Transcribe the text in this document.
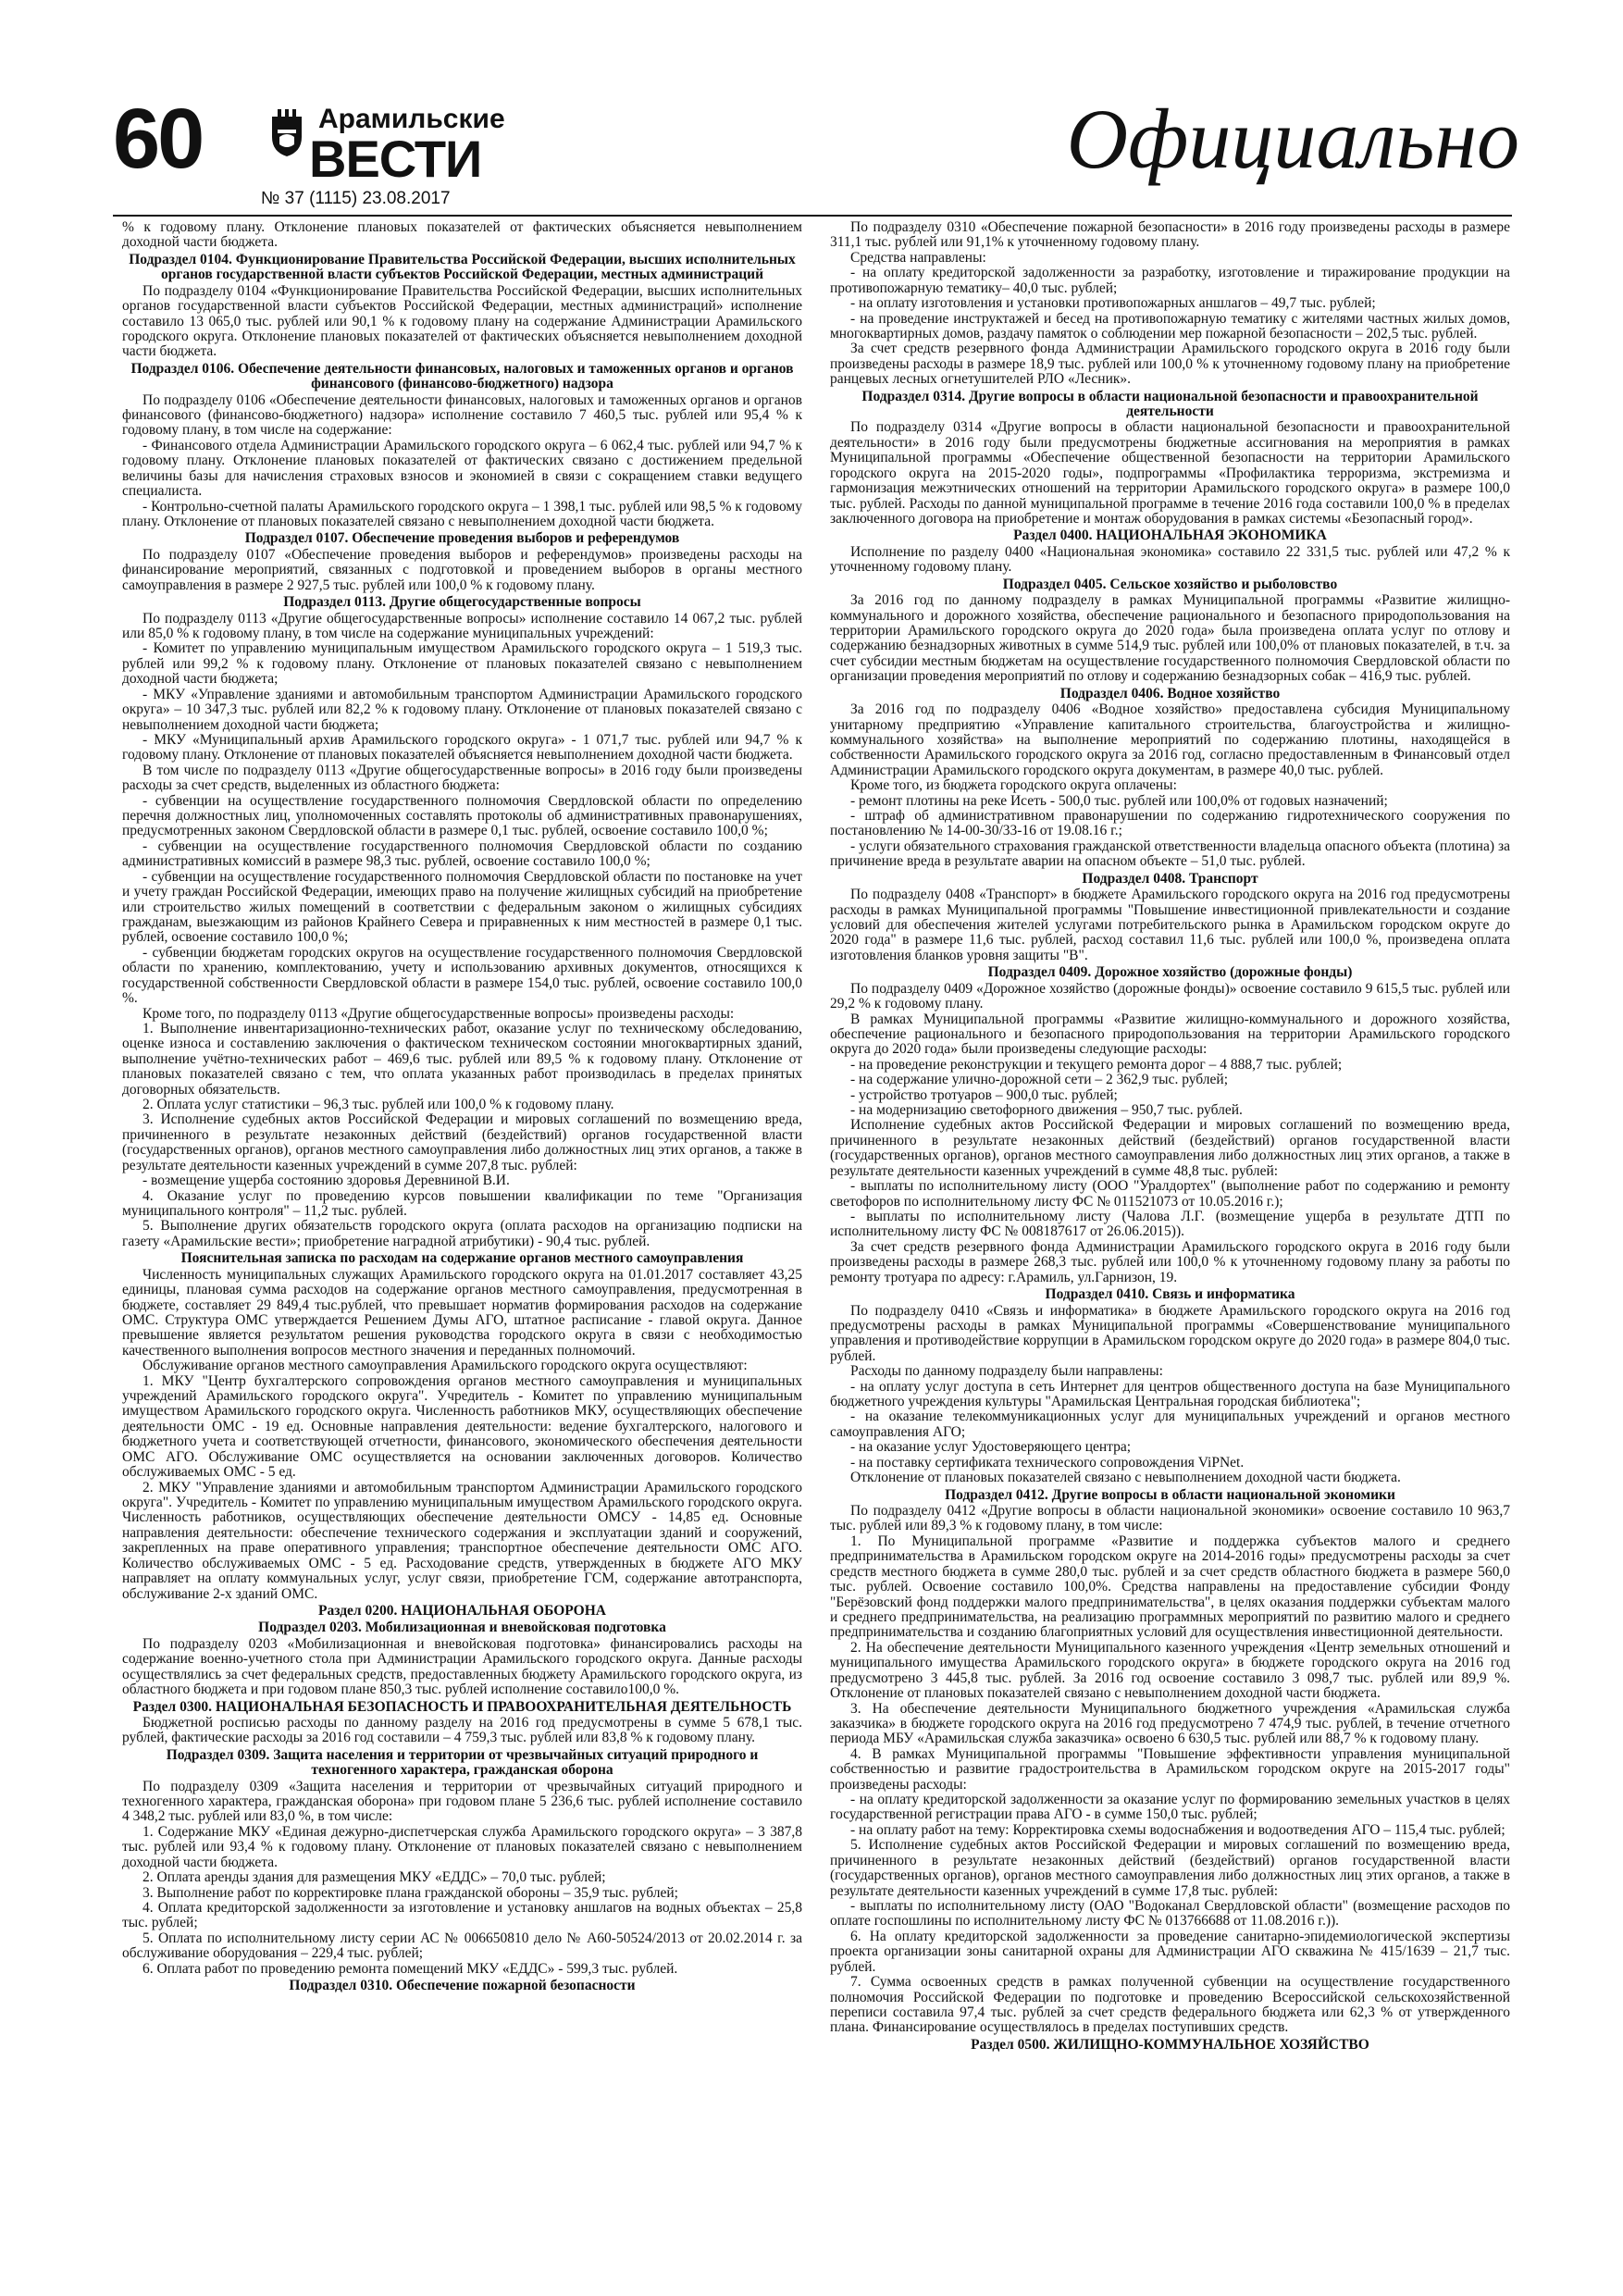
60	Арамильские
ВЕСТИ
№ 37 (1115) 23.08.2017
Официально

% к годовому плану. Отклонение плановых показателей от фактических объясняется невыполнением доходной части бюджета.

Подраздел 0104. Функционирование Правительства Российской Федерации, высших исполнительных органов государственной власти субъектов Российской Федерации, местных администраций

По подразделу 0104 «Функционирование Правительства Российской Федерации, высших исполнительных органов государственной власти субъектов Российской Федерации, местных администраций» исполнение составило 13 065,0 тыс. рублей или 90,1 % к годовому плану на содержание Администрации Арамильского городского округа. Отклонение плановых показателей от фактических объясняется невыполнением доходной части бюджета.

Подраздел 0106. Обеспечение деятельности финансовых, налоговых и таможенных органов и органов финансового (финансово-бюджетного) надзора

По подразделу 0106 «Обеспечение деятельности финансовых, налоговых и таможенных органов и органов финансового (финансово-бюджетного) надзора» исполнение составило 7 460,5 тыс. рублей или 95,4 % к годовому плану, в том числе на содержание:

- Финансового отдела Администрации Арамильского городского округа – 6 062,4 тыс. рублей или 94,7 % к годовому плану. Отклонение плановых показателей от фактических связано с достижением предельной величины базы для начисления страховых взносов и экономией в связи с сокращением ставки ведущего специалиста.

- Контрольно-счетной палаты Арамильского городского округа – 1 398,1 тыс. рублей или 98,5 % к годовому плану. Отклонение от плановых показателей связано с невыполнением доходной части бюджета.

Подраздел 0107. Обеспечение проведения выборов и референдумов

По подразделу 0107 «Обеспечение проведения выборов и референдумов» произведены расходы на финансирование мероприятий, связанных с подготовкой и проведением выборов в органы местного самоуправления в размере 2 927,5 тыс. рублей или 100,0 % к годовому плану.

Подраздел 0113. Другие общегосударственные вопросы

По подразделу 0113 «Другие общегосударственные вопросы» исполнение составило 14 067,2 тыс. рублей или 85,0 % к годовому плану, в том числе на содержание муниципальных учреждений:

- Комитет по управлению муниципальным имуществом Арамильского городского округа – 1 519,3 тыс. рублей или 99,2 % к годовому плану. Отклонение от плановых показателей связано с невыполнением доходной части бюджета;

- МКУ «Управление зданиями и автомобильным транспортом Администрации Арамильского городского округа» – 10 347,3 тыс. рублей или 82,2 % к годовому плану. Отклонение от плановых показателей связано с невыполнением доходной части бюджета;

- МКУ «Муниципальный архив Арамильского городского округа» - 1 071,7 тыс. рублей или 94,7 % к годовому плану. Отклонение от плановых показателей объясняется невыполнением доходной части бюджета.

В том числе по подразделу 0113 «Другие общегосударственные вопросы» в 2016 году были произведены расходы за счет средств, выделенных из областного бюджета:

- субвенции на осуществление государственного полномочия Свердловской области по определению перечня должностных лиц, уполномоченных составлять протоколы об административных правонарушениях, предусмотренных законом Свердловской области в размере 0,1 тыс. рублей, освоение составило 100,0 %;

- субвенции на осуществление государственного полномочия Свердловской области по созданию административных комиссий в размере 98,3 тыс. рублей, освоение составило 100,0 %;

- субвенции на осуществление государственного полномочия Свердловской области по постановке на учет и учету граждан Российской Федерации, имеющих право на получение жилищных субсидий на приобретение или строительство жилых помещений в соответствии с федеральным законом о жилищных субсидиях гражданам, выезжающим из районов Крайнего Севера и приравненных к ним местностей в размере 0,1 тыс. рублей, освоение составило 100,0 %;

- субвенции бюджетам городских округов на осуществление государственного полномочия Свердловской области по хранению, комплектованию, учету и использованию архивных документов, относящихся к государственной собственности Свердловской области в размере 154,0 тыс. рублей, освоение составило 100,0 %.

Кроме того, по подразделу 0113 «Другие общегосударственные вопросы» произведены расходы:

1. Выполнение инвентаризационно-технических работ, оказание услуг по техническому обследованию, оценке износа и составлению заключения о фактическом техническом состоянии многоквартирных зданий, выполнение учётно-технических работ – 469,6 тыс. рублей или 89,5 % к годовому плану. Отклонение от плановых показателей связано с тем, что оплата указанных работ производилась в пределах принятых договорных обязательств.

2. Оплата услуг статистики – 96,3 тыс. рублей или 100,0 % к годовому плану.

3. Исполнение судебных актов Российской Федерации и мировых соглашений по возмещению вреда, причиненного в результате незаконных действий (бездействий) органов государственной власти (государственных органов), органов местного самоуправления либо должностных лиц этих органов, а также в результате деятельности казенных учреждений в сумме 207,8 тыс. рублей:

- возмещение ущерба состоянию здоровья Деревниной В.И.

4. Оказание услуг по проведению курсов повышении квалификации по теме "Организация муниципального контроля" – 11,2 тыс. рублей.

5. Выполнение других обязательств городского округа (оплата расходов на организацию подписки на газету «Арамильские вести»; приобретение наградной атрибутики) - 90,4 тыс. рублей.

Пояснительная записка по расходам на содержание органов местного самоуправления

Численность муниципальных служащих Арамильского городского округа на 01.01.2017 составляет 43,25 единицы, плановая сумма расходов на содержание органов местного самоуправления, предусмотренная в бюджете, составляет 29 849,4 тыс.рублей, что превышает норматив формирования расходов на содержание ОМС. Структура ОМС утверждается Решением Думы АГО, штатное расписание - главой округа. Данное превышение является результатом решения руководства городского округа в связи с необходимостью качественного выполнения вопросов местного значения и переданных полномочий.

Обслуживание органов местного самоуправления Арамильского городского округа осуществляют:

1. МКУ "Центр бухгалтерского сопровождения органов местного самоуправления и муниципальных учреждений Арамильского городского округа". Учредитель - Комитет по управлению муниципальным имуществом Арамильского городского округа. Численность работников МКУ, осуществляющих обеспечение деятельности ОМС - 19 ед. Основные направления деятельности: ведение бухгалтерского, налогового и бюджетного учета и соответствующей отчетности, финансового, экономического обеспечения деятельности ОМС АГО. Обслуживание ОМС осуществляется на основании заключенных договоров. Количество обслуживаемых ОМС - 5 ед.

2. МКУ "Управление зданиями и автомобильным транспортом Администрации Арамильского городского округа". Учредитель - Комитет по управлению муниципальным имуществом Арамильского городского округа. Численность работников, осуществляющих обеспечение деятельности ОМСУ - 14,85 ед. Основные направления деятельности: обеспечение технического содержания и эксплуатации зданий и сооружений, закрепленных на праве оперативного управления; транспортное обеспечение деятельности ОМС АГО. Количество обслуживаемых ОМС - 5 ед. Расходование средств, утвержденных в бюджете АГО МКУ направляет на оплату коммунальных услуг, услуг связи, приобретение ГСМ, содержание автотранспорта, обслуживание 2-х зданий ОМС.

Раздел 0200. НАЦИОНАЛЬНАЯ ОБОРОНА
Подраздел 0203. Мобилизационная и вневойсковая подготовка

По подразделу 0203 «Мобилизационная и вневойсковая подготовка» финансировались расходы на содержание военно-учетного стола при Администрации Арамильского городского округа. Данные расходы осуществлялись за счет федеральных средств, предоставленных бюджету Арамильского городского округа, из областного бюджета и при годовом плане 850,3 тыс. рублей исполнение составило100,0 %.

Раздел 0300. НАЦИОНАЛЬНАЯ БЕЗОПАСНОСТЬ И ПРАВООХРАНИТЕЛЬНАЯ ДЕЯТЕЛЬНОСТЬ

Бюджетной росписью расходы по данному разделу на 2016 год предусмотрены в сумме 5 678,1 тыс. рублей, фактические расходы за 2016 год составили – 4 759,3 тыс. рублей или 83,8 % к годовому плану.

Подраздел 0309. Защита населения и территории от чрезвычайных ситуаций природного и техногенного характера, гражданская оборона

По подразделу 0309 «Защита населения и территории от чрезвычайных ситуаций природного и техногенного характера, гражданская оборона» при годовом плане 5 236,6 тыс. рублей исполнение составило 4 348,2 тыс. рублей или 83,0 %, в том числе:

1. Содержание МКУ «Единая дежурно-диспетчерская служба Арамильского городского округа» – 3 387,8 тыс. рублей или 93,4 % к годовому плану. Отклонение от плановых показателей связано с невыполнением доходной части бюджета.

2. Оплата аренды здания для размещения МКУ «ЕДДС» – 70,0 тыс. рублей;

3. Выполнение работ по корректировке плана гражданской обороны – 35,9 тыс. рублей;

4. Оплата кредиторской задолженности за изготовление и установку аншлагов на водных объектах – 25,8 тыс. рублей;

5. Оплата по исполнительному листу серии АС № 006650810 дело № А60-50524/2013 от 20.02.2014 г. за обслуживание оборудования – 229,4 тыс. рублей;

6. Оплата работ по проведению ремонта помещений МКУ «ЕДДС» - 599,3 тыс. рублей.

Подраздел 0310. Обеспечение пожарной безопасности

По подразделу 0310 «Обеспечение пожарной безопасности» в 2016 году произведены расходы в размере 311,1 тыс. рублей или 91,1% к уточненному годовому плану.

Средства направлены:

- на оплату кредиторской задолженности за разработку, изготовление и тиражирование продукции на противопожарную тематику– 40,0 тыс. рублей;

- на оплату изготовления и установки противопожарных аншлагов – 49,7 тыс. рублей;

- на проведение инструктажей и бесед на противопожарную тематику с жителями частных жилых домов, многоквартирных домов, раздачу памяток о соблюдении мер пожарной безопасности – 202,5 тыс. рублей.

За счет средств резервного фонда Администрации Арамильского городского округа в 2016 году были произведены расходы в размере 18,9 тыс. рублей или 100,0 % к уточненному годовому плану на приобретение ранцевых лесных огнетушителей РЛО «Лесник».

Подраздел 0314. Другие вопросы в области национальной безопасности и правоохранительной деятельности

По подразделу 0314 «Другие вопросы в области национальной безопасности и правоохранительной деятельности» в 2016 году были предусмотрены бюджетные ассигнования на мероприятия в рамках Муниципальной программы «Обеспечение общественной безопасности на территории Арамильского городского округа на 2015-2020 годы», подпрограммы «Профилактика терроризма, экстремизма и гармонизация межэтнических отношений на территории Арамильского городского округа» в размере 100,0 тыс. рублей. Расходы по данной муниципальной программе в течение 2016 года составили 100,0 % в пределах заключенного договора на приобретение и монтаж оборудования в рамках системы «Безопасный город».

Раздел 0400. НАЦИОНАЛЬНАЯ ЭКОНОМИКА

Исполнение по разделу 0400 «Национальная экономика» составило 22 331,5 тыс. рублей или 47,2 % к уточненному годовому плану.

Подраздел 0405. Сельское хозяйство и рыболовство

За 2016 год по данному подразделу в рамках Муниципальной программы «Развитие жилищно-коммунального и дорожного хозяйства, обеспечение рационального и безопасного природопользования на территории Арамильского городского округа до 2020 года» была произведена оплата услуг по отлову и содержанию безнадзорных животных в сумме 514,9 тыс. рублей или 100,0% от плановых показателей, в т.ч. за счет субсидии местным бюджетам на осуществление государственного полномочия Свердловской области по организации проведения мероприятий по отлову и содержанию безнадзорных собак – 416,9 тыс. рублей.

Подраздел 0406. Водное хозяйство

За 2016 год по подразделу 0406 «Водное хозяйство» предоставлена субсидия Муниципальному унитарному предприятию «Управление капитального строительства, благоустройства и жилищно-коммунального хозяйства» на выполнение мероприятий по содержанию плотины, находящейся в собственности Арамильского городского округа за 2016 год, согласно предоставленным в Финансовый отдел Администрации Арамильского городского округа документам, в размере 40,0 тыс. рублей.

Кроме того, из бюджета городского округа оплачены:

- ремонт плотины на реке Исеть - 500,0 тыс. рублей или 100,0% от годовых назначений;

- штраф об административном правонарушении по содержанию гидротехнического сооружения по постановлению № 14-00-30/33-16 от 19.08.16 г.;

- услуги обязательного страхования гражданской ответственности владельца опасного объекта (плотина) за причинение вреда в результате аварии на опасном объекте – 51,0 тыс. рублей.

Подраздел 0408. Транспорт

По подразделу 0408 «Транспорт» в бюджете Арамильского городского округа на 2016 год предусмотрены расходы в рамках Муниципальной программы "Повышение инвестиционной привлекательности и создание условий для обеспечения жителей услугами потребительского рынка в Арамильском городском округе до 2020 года" в размере 11,6 тыс. рублей, расход составил 11,6 тыс. рублей или 100,0 %, произведена оплата изготовления бланков уровня защиты "В".

Подраздел 0409. Дорожное хозяйство (дорожные фонды)

По подразделу 0409 «Дорожное хозяйство (дорожные фонды)» освоение составило 9 615,5 тыс. рублей или 29,2 % к годовому плану.

В рамках Муниципальной программы «Развитие жилищно-коммунального и дорожного хозяйства, обеспечение рационального и безопасного природопользования на территории Арамильского городского округа до 2020 года» были произведены следующие расходы:

- на проведение реконструкции и текущего ремонта дорог – 4 888,7 тыс. рублей;

- на содержание улично-дорожной сети – 2 362,9 тыс. рублей;

- устройство тротуаров – 900,0 тыс. рублей;

- на модернизацию светофорного движения – 950,7 тыс. рублей.

Исполнение судебных актов Российской Федерации и мировых соглашений по возмещению вреда, причиненного в результате незаконных действий (бездействий) органов государственной власти (государственных органов), органов местного самоуправления либо должностных лиц этих органов, а также в результате деятельности казенных учреждений в сумме 48,8 тыс. рублей:

- выплаты по исполнительному листу (ООО "Уралдортех" (выполнение работ по содержанию и ремонту светофоров по исполнительному листу ФС № 011521073 от 10.05.2016 г.);

- выплаты по исполнительному листу (Чалова Л.Г. (возмещение ущерба в результате ДТП по исполнительному листу ФС № 008187617 от 26.06.2015)).

За счет средств резервного фонда Администрации Арамильского городского округа в 2016 году были произведены расходы в размере 268,3 тыс. рублей или 100,0 % к уточненному годовому плану за работы по ремонту тротуара по адресу: г.Арамиль, ул.Гарнизон, 19.

Подраздел 0410. Связь и информатика

По подразделу 0410 «Связь и информатика» в бюджете Арамильского городского округа на 2016 год предусмотрены расходы в рамках Муниципальной программы «Совершенствование муниципального управления и противодействие коррупции в Арамильском городском округе до 2020 года» в размере 804,0 тыс. рублей.

Расходы по данному подразделу были направлены:

- на оплату услуг доступа в сеть Интернет для центров общественного доступа на базе Муниципального бюджетного учреждения культуры "Арамильская Центральная городская библиотека";

- на оказание телекоммуникационных услуг для муниципальных учреждений и органов местного самоуправления АГО;

- на оказание услуг Удостоверяющего центра;

- на поставку сертификата технического сопровождения ViPNet.

Отклонение от плановых показателей связано с невыполнением доходной части бюджета.

Подраздел 0412. Другие вопросы в области национальной экономики

По подразделу 0412 «Другие вопросы в области национальной экономики» освоение составило 10 963,7 тыс. рублей или 89,3 % к годовому плану, в том числе:

1. По Муниципальной программе «Развитие и поддержка субъектов малого и среднего предпринимательства в Арамильском городском округе на 2014-2016 годы» предусмотрены расходы за счет средств местного бюджета в сумме 280,0 тыс. рублей и за счет средств областного бюджета в размере 560,0 тыс. рублей. Освоение составило 100,0%. Средства направлены на предоставление субсидии Фонду "Берёзовский фонд поддержки малого предпринимательства", в целях оказания поддержки субъектам малого и среднего предпринимательства, на реализацию программных мероприятий по развитию малого и среднего предпринимательства и созданию благоприятных условий для осуществления инвестиционной деятельности.

2. На обеспечение деятельности Муниципального казенного учреждения «Центр земельных отношений и муниципального имущества Арамильского городского округа» в бюджете городского округа на 2016 год предусмотрено 3 445,8 тыс. рублей. За 2016 год освоение составило 3 098,7 тыс. рублей или 89,9 %. Отклонение от плановых показателей связано с невыполнением доходной части бюджета.

3. На обеспечение деятельности Муниципального бюджетного учреждения «Арамильская служба заказчика» в бюджете городского округа на 2016 год предусмотрено 7 474,9 тыс. рублей, в течение отчетного периода МБУ «Арамильская служба заказчика» освоено 6 630,5 тыс. рублей или 88,7 % к годовому плану.

4. В рамках Муниципальной программы "Повышение эффективности управления муниципальной собственностью и развитие градостроительства в Арамильском городском округе на 2015-2017 годы" произведены расходы:

- на оплату кредиторской задолженности за оказание услуг по формированию земельных участков в целях государственной регистрации права АГО - в сумме 150,0 тыс. рублей;

- на оплату работ на тему: Корректировка схемы водоснабжения и водоотведения АГО – 115,4 тыс. рублей;

5. Исполнение судебных актов Российской Федерации и мировых соглашений по возмещению вреда, причиненного в результате незаконных действий (бездействий) органов государственной власти (государственных органов), органов местного самоуправления либо должностных лиц этих органов, а также в результате деятельности казенных учреждений в сумме 17,8 тыс. рублей:

- выплаты по исполнительному листу (ОАО "Водоканал Свердловской области" (возмещение расходов по оплате госпошлины по исполнительному листу ФС № 013766688 от 11.08.2016 г.)).

6. На оплату кредиторской задолженности за проведение санитарно-эпидемиологической экспертизы проекта организации зоны санитарной охраны для Администрации АГО скважина № 415/1639 – 21,7 тыс. рублей.

7. Сумма освоенных средств в рамках полученной субвенции на осуществление государственного полномочия Российской Федерации по подготовке и проведению Всероссийской сельскохозяйственной переписи составила 97,4 тыс. рублей за счет средств федерального бюджета или 62,3 % от утвержденного плана. Финансирование осуществлялось в пределах поступивших средств.

Раздел 0500. ЖИЛИЩНО-КОММУНАЛЬНОЕ ХОЗЯЙСТВО
